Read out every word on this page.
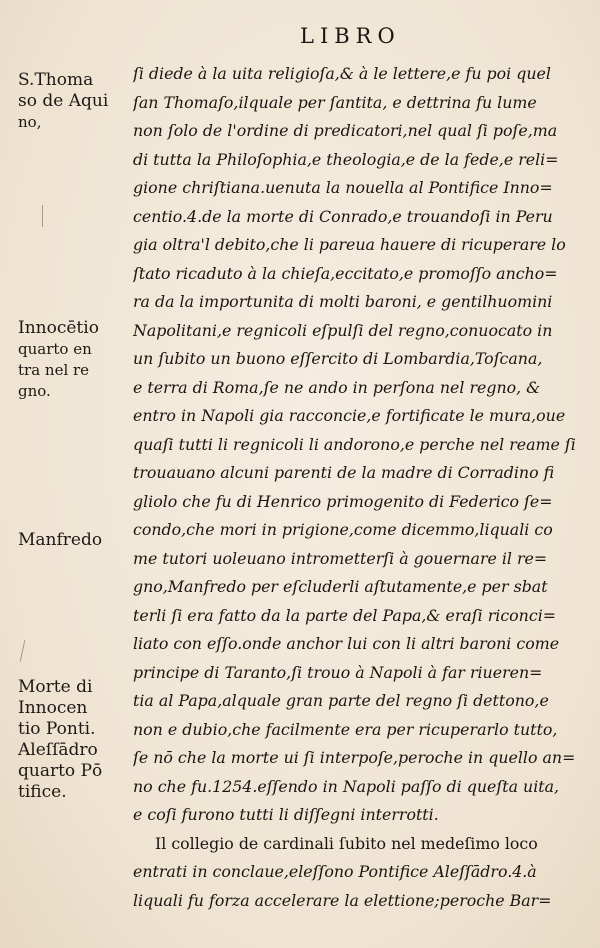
LIBRO
S.Thoma
so de Aqui
no,
Innocētio
quarto en
tra nel re
gno.
Manfredo
Morte di
Innocen
tio Ponti.
Aleſſādro
quarto Pō
tifice.
ſi diede à la uita religioſa,& à le lettere,e fu poi quel
ſan Thomaſo,ilquale per ſantita, e dettrina fu lume
non ſolo de l'ordine di predicatori,nel qual ſi poſe,ma
di tutta la Philoſophia,e theologia,e de la fede,e reli=
gione chriſtiana.uenuta la nouella al Pontifice Inno=
centio.4.de la morte di Conrado,e trouandoſi in Peru
gia oltra'l debito,che li pareua hauere di ricuperare lo
ſtato ricaduto à la chieſa,eccitato,e promoſſo ancho=
ra da la importunita di molti baroni, e gentilhuomini
Napolitani,e regnicoli eſpulſi del regno,conuocato in
un ſubito un buono eſſercito di Lombardia,Toſcana,
e terra di Roma,ſe ne ando in perſona nel regno, &
entro in Napoli gia racconcie,e fortificate le mura,oue
quaſi tutti li regnicoli li andorono,e perche nel reame ſi
trouauano alcuni parenti de la madre di Corradino fi
gliolo che fu di Henrico primogenito di Federico ſe=
condo,che mori in prigione,come dicemmo,liquali co
me tutori uoleuano intrometterſi à gouernare il re=
gno,Manfredo per eſcluderli aſtutamente,e per sbat
terli ſi era fatto da la parte del Papa,& eraſi riconci=
liato con eſſo.onde anchor lui con li altri baroni come
principe di Taranto,ſi trouo à Napoli à far riueren=
tia al Papa,alquale gran parte del regno ſi dettono,e
non e dubio,che facilmente era per ricuperarlo tutto,
ſe nō che la morte ui ſi interpoſe,peroche in quello an=
no che fu.1254.eſſendo in Napoli paſſo di queſta uita,
e coſi furono tutti li diſſegni interrotti.
Il collegio de cardinali ſubito nel medeſimo loco
entrati in conclaue,eleſſono Pontifice Aleſſādro.4.à
liquali fu forza accelerare la elettione;peroche Bar=
